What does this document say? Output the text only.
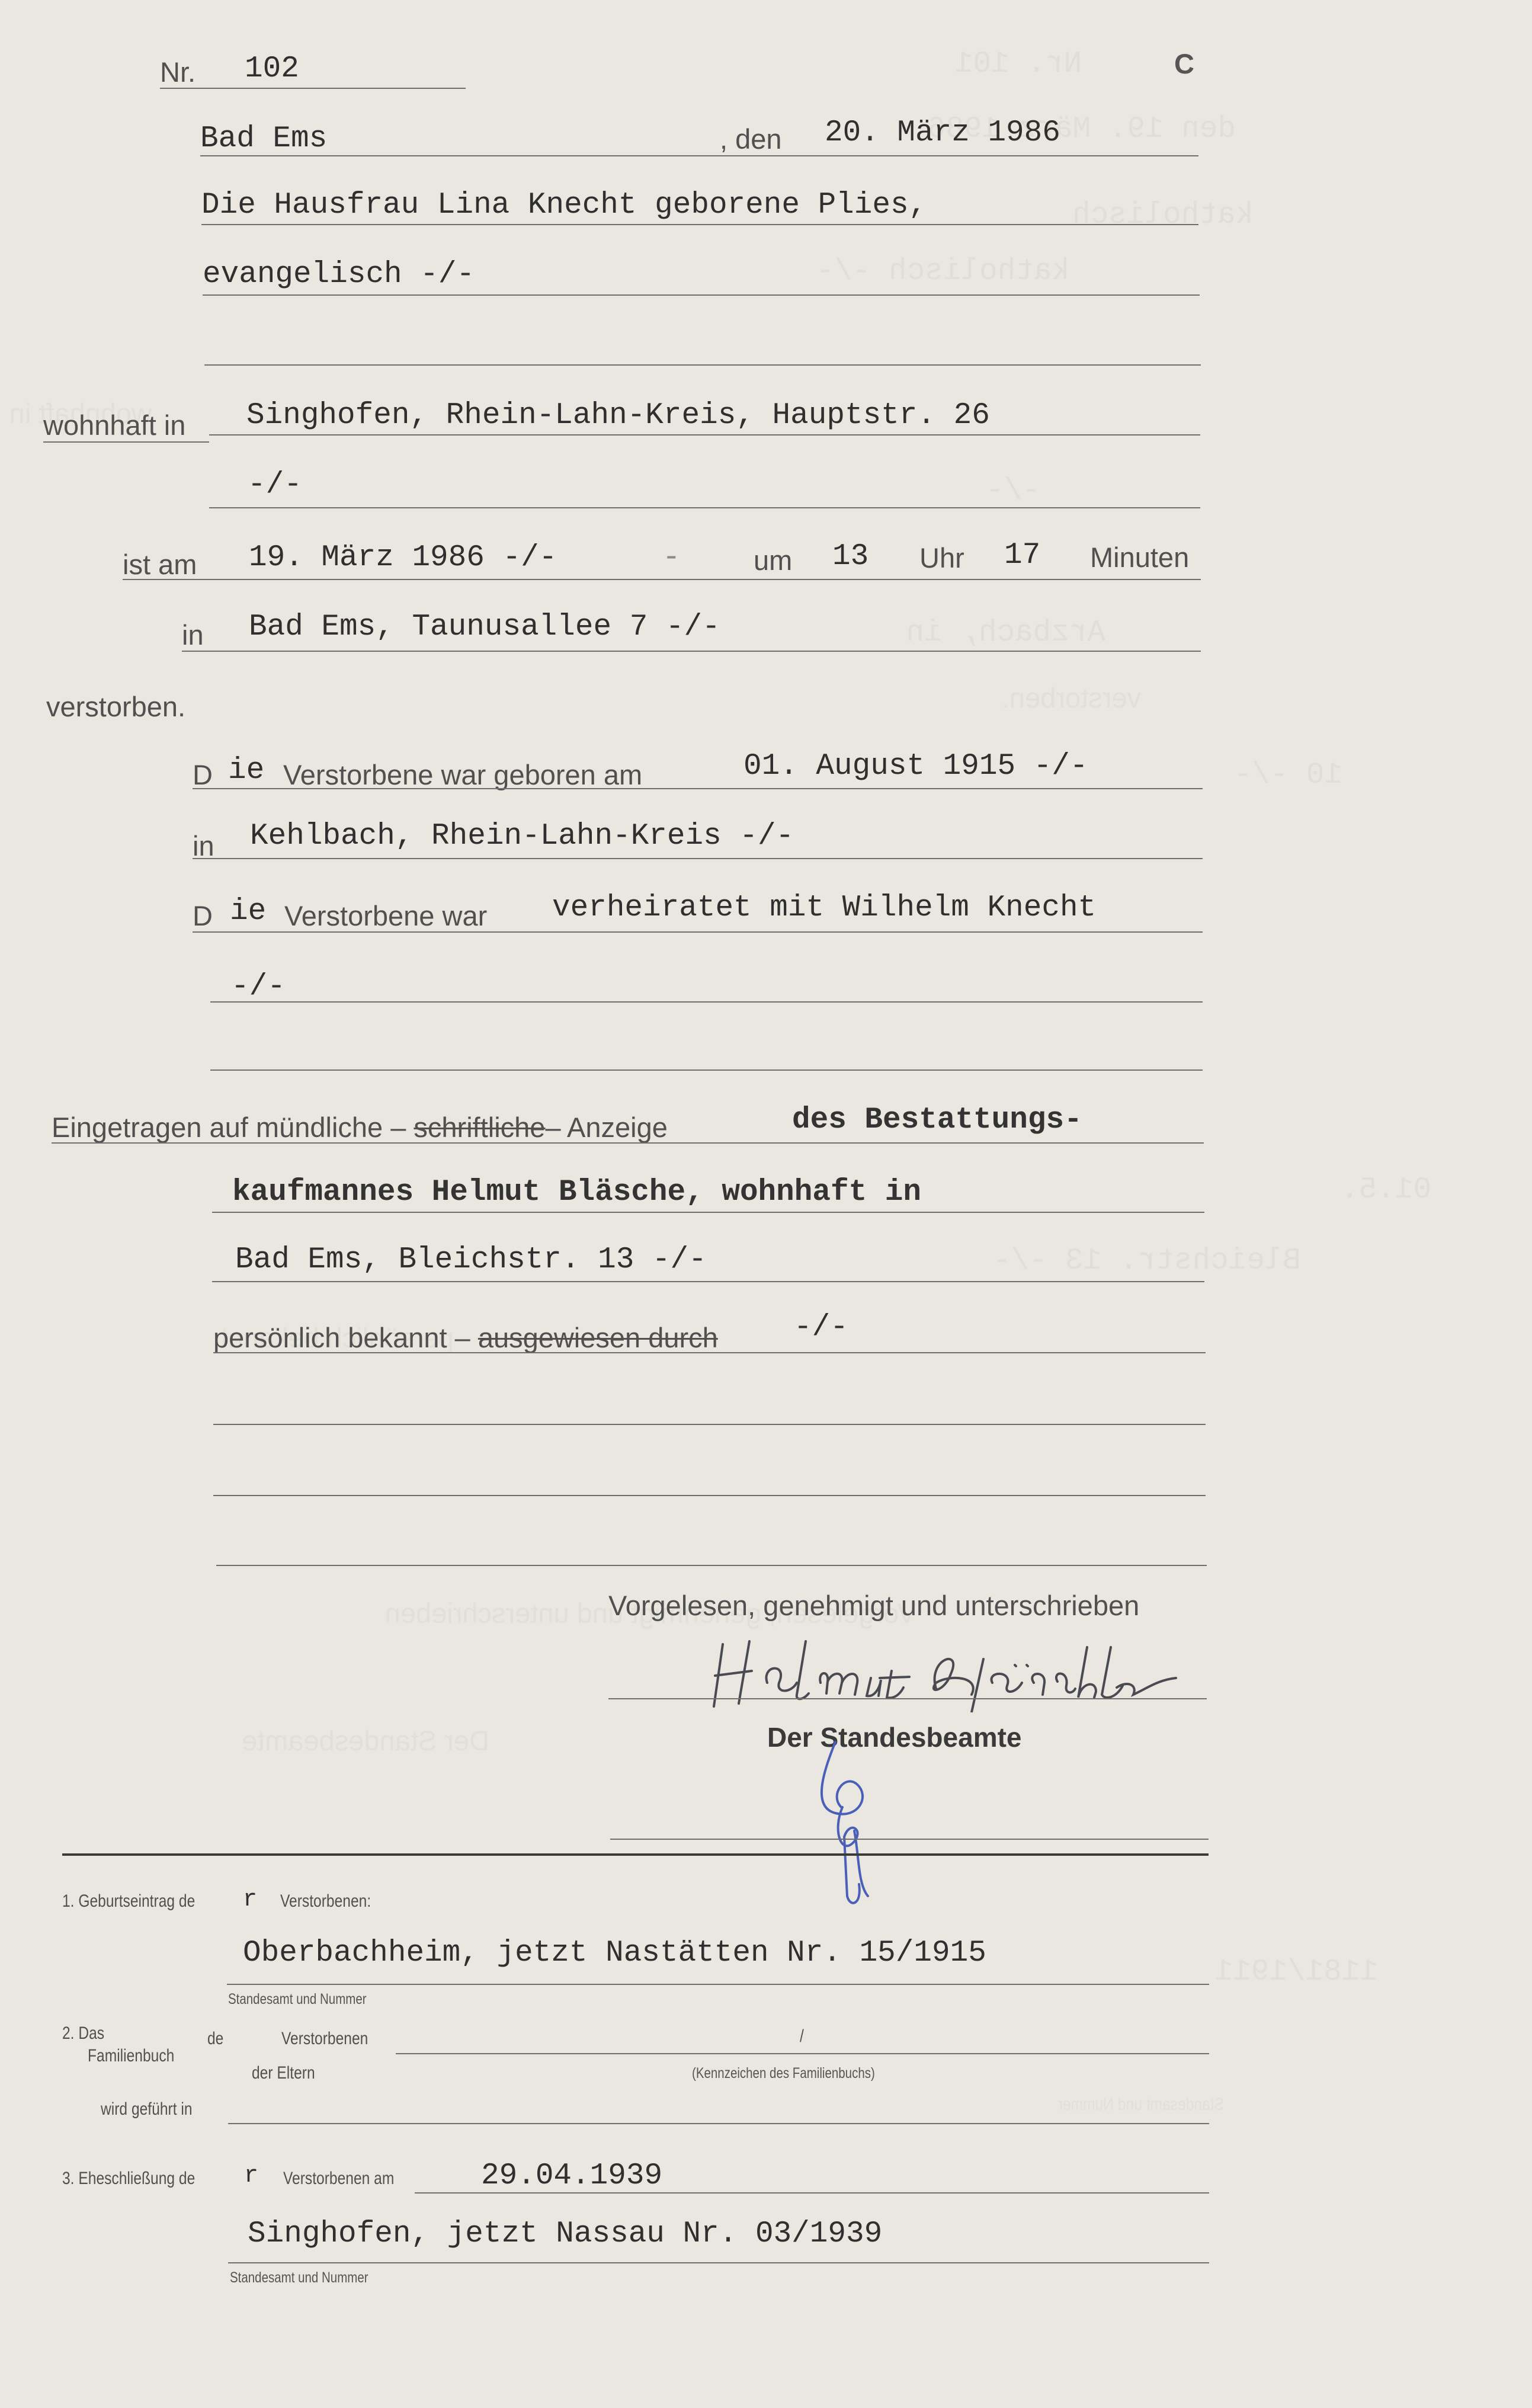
C
Nr. 102
Bad Ems	, den 20. März 1986
Die Hausfrau Lina Knecht geborene Plies,
evangelisch -/-
wohnhaft in Singhofen, Rhein-Lahn-Kreis, Hauptstr. 26
-/-
ist am 19. März 1986 -/-	-	um 13 Uhr 17 Minuten
in Bad Ems, Taunusallee 7 -/-
verstorben.
D ie Verstorbene war geboren am	01. August 1915 -/-
in Kehlbach, Rhein-Lahn-Kreis -/-
D ie Verstorbene war verheiratet mit Wilhelm Knecht
-/-
Eingetragen auf mündliche – schriftliche– Anzeige	des Bestattungs-
kaufmannes Helmut Bläsche, wohnhaft in
Bad Ems, Bleichstr. 13 -/-
persönlich bekannt – ausgewiesen durch	-/-
Vorgelesen, genehmigt und unterschrieben
Der Standesbeamte
1. Geburtseintrag de r Verstorbenen:
Oberbachheim, jetzt Nastätten Nr. 15/1915
Standesamt und Nummer
2. Das
Familienbuch
de	Verstorbenen	/
der Eltern	(Kennzeichen des Familienbuchs)
wird geführt in
3. Eheschließung de r Verstorbenen am	29.04.1939
Singhofen, jetzt Nassau Nr. 03/1939
Standesamt und Nummer
